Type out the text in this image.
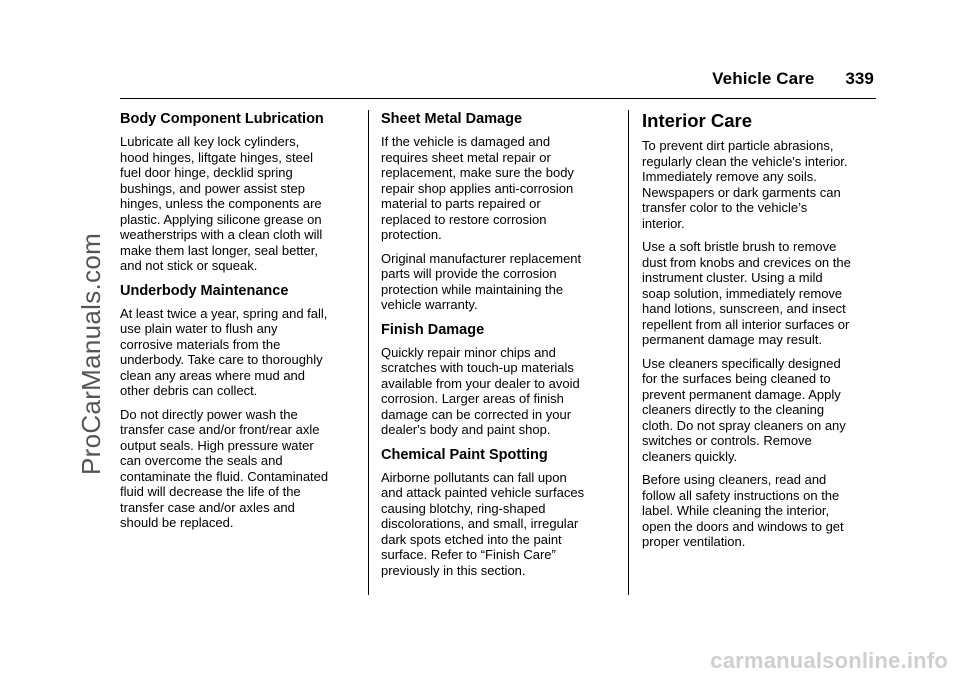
Vehicle Care 339
ProCarManuals.com
Body Component Lubrication

Lubricate all key lock cylinders,
hood hinges, liftgate hinges, steel
fuel door hinge, decklid spring
bushings, and power assist step
hinges, unless the components are
plastic. Applying silicone grease on
weatherstrips with a clean cloth will
make them last longer, seal better,
and not stick or squeak.

Underbody Maintenance

At least twice a year, spring and fall,
use plain water to flush any
corrosive materials from the
underbody. Take care to thoroughly
clean any areas where mud and
other debris can collect.

Do not directly power wash the
transfer case and/or front/rear axle
output seals. High pressure water
can overcome the seals and
contaminate the fluid. Contaminated
fluid will decrease the life of the
transfer case and/or axles and
should be replaced.

Sheet Metal Damage

If the vehicle is damaged and
requires sheet metal repair or
replacement, make sure the body
repair shop applies anti-corrosion
material to parts repaired or
replaced to restore corrosion
protection.

Original manufacturer replacement
parts will provide the corrosion
protection while maintaining the
vehicle warranty.

Finish Damage

Quickly repair minor chips and
scratches with touch-up materials
available from your dealer to avoid
corrosion. Larger areas of finish
damage can be corrected in your
dealer's body and paint shop.

Chemical Paint Spotting

Airborne pollutants can fall upon
and attack painted vehicle surfaces
causing blotchy, ring-shaped
discolorations, and small, irregular
dark spots etched into the paint
surface. Refer to “Finish Care”
previously in this section.

Interior Care

To prevent dirt particle abrasions,
regularly clean the vehicle's interior.
Immediately remove any soils.
Newspapers or dark garments can
transfer color to the vehicle’s
interior.

Use a soft bristle brush to remove
dust from knobs and crevices on the
instrument cluster. Using a mild
soap solution, immediately remove
hand lotions, sunscreen, and insect
repellent from all interior surfaces or
permanent damage may result.

Use cleaners specifically designed
for the surfaces being cleaned to
prevent permanent damage. Apply
cleaners directly to the cleaning
cloth. Do not spray cleaners on any
switches or controls. Remove
cleaners quickly.

Before using cleaners, read and
follow all safety instructions on the
label. While cleaning the interior,
open the doors and windows to get
proper ventilation.

carmanualsonline.info
